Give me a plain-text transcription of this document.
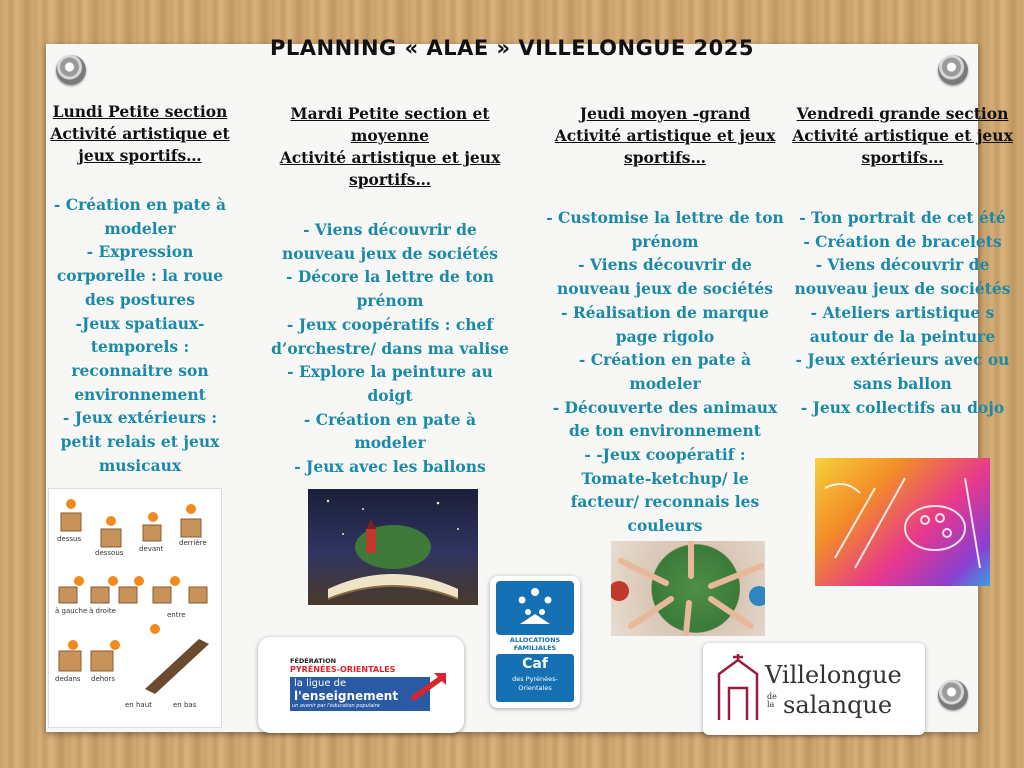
PLANNING « ALAE » VILLELONGUE 2025
Lundi Petite section
Activité artistique et
jeux sportifs…
- Création en pate à
modeler
- Expression
corporelle : la roue
des postures
-Jeux spatiaux-
temporels :
reconnaitre son
environnement
- Jeux extérieurs :
petit relais et jeux
musicaux
Mardi Petite section et
moyenne
Activité artistique et jeux
sportifs…
- Viens découvrir de
nouveau jeux de sociétés
- Décore la lettre de ton
prénom
- Jeux coopératifs : chef
d’orchestre/ dans ma valise
- Explore la peinture au
doigt
- Création en pate à
modeler
- Jeux avec les ballons
Jeudi moyen -grand
Activité artistique et jeux
sportifs…
- Customise la lettre de ton
prénom
- Viens découvrir de
nouveau jeux de sociétés
- Réalisation de marque
page rigolo
- Création en pate à
modeler
- Découverte des animaux
de ton environnement
- -Jeux coopératif :
Tomate-ketchup/ le
facteur/ reconnais les
couleurs
Vendredi grande section
Activité artistique et jeux
sportifs…
- Ton portrait de cet été
- Création de bracelets
- Viens découvrir de
nouveau jeux de sociétés
- Ateliers artistique s
autour de la peinture
- Jeux extérieurs avec ou
sans ballon
- Jeux collectifs au dojo
dessus
dessous devant
derrière
à gauche à droite	entre
dedans dehors
en haut	en bas
FÉDÉRATION
PYRÉNÉES-ORIENTALES
la ligue de
l'enseignement
un avenir par l'éducation populaire
ALLOCATIONS
FAMILIALES
Caf
des Pyrénées-
Orientales	Villelongue
de
la salanque
